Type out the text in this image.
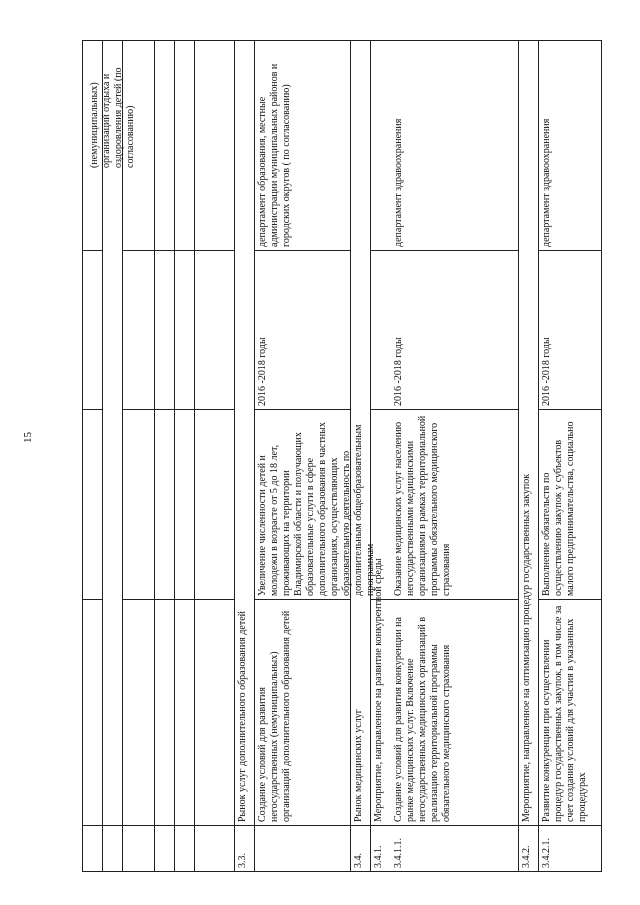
15
(немуниципальных) организаций отдыха и оздоровления детей (по согласованию)
3.3.
Рынок услуг дополнительного образования детей Создание условий для развития негосударственных (немуниципальных) организаций дополнительного образования детей
Увеличение численности детей и молодежи в возрасте от 5 до 18 лет, проживающих на территории Владимирской области и получающих образовательные услуги в сфере дополнительного образования в частных организациях, осуществляющих образовательную деятельность по дополнительным общеобразовательным программам
2016 -2018 годы
департамент образования, местные администрации муниципальных районов и городских округов ( по согласованию)
3.4.
Рынок медицинских услуг
3.4.1.
Мероприятие, направленное на развитие конкурентной среды
3.4.1.1.
Создание условий для развития конкуренции на рынке медицинских услуг. Включение негосударственных медицинских организаций в реализацию территориальной программы обязательного медицинского страхования
Оказание медицинских услуг населению негосударственными медицинскими организациями в рамках территориальной программы обязательного медицинского страхования
2016 -2018 годы
департамент здравоохранения
3.4.2.
Мероприятие, направленное на оптимизацию процедур государственных закупок
3.4.2.1.
Развитие конкуренции при осуществлении процедур государственных закупок, в том числе за счет создания условий для участия в указанных процедурах
Выполнение обязательств по осуществлению закупок у субъектов малого предпринимательства, социально
2016 -2018 годы
департамент здравоохранения
